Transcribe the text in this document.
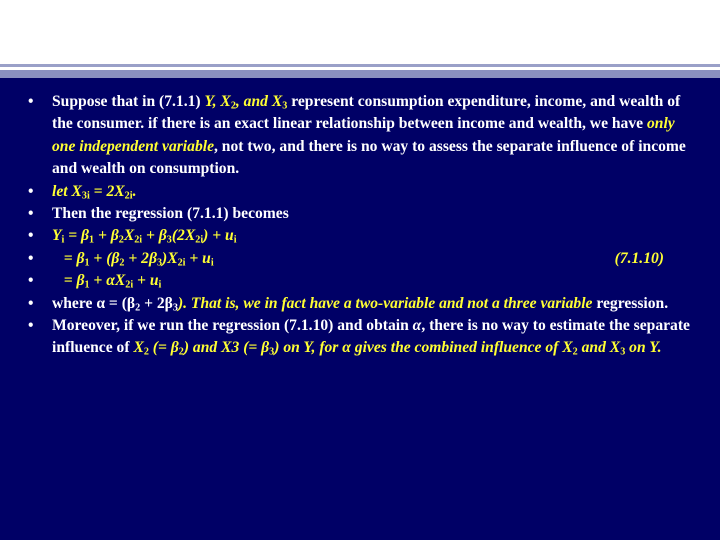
•	Suppose that in (7.1.1) Y, $X_2$, and $X_3$ represent consumption expenditure, income, and wealth of the consumer. if there is an exact linear relationship between income and wealth, we have only one independent variable, not two, and there is no way to assess the separate influence of income and wealth on consumption.
•	let $X_{3i} = 2X_{2i}$.
•	Then the regression (7.1.1) becomes
•	$Y_i = \beta_1 + \beta_2X_{2i} + \beta_3(2X_{2i}) + u_i$
•	= $\beta_1 + (\beta_2 + 2\beta_3)X_{2i} + u_i$	(7.1.10)
•	= $\beta_1 + \alpha X_{2i} + u_i$
•	where $\alpha = (\beta_2 + 2\beta_3)$. That is, we in fact have a two-variable and not a three variable regression.
•	Moreover, if we run the regression (7.1.10) and obtain α, there is no way to estimate the separate influence of $X_2$ (= $\beta_2$) and X3 (= $\beta_3$) on Y, for α gives the combined influence of $X_2$ and $X_3$ on Y.
